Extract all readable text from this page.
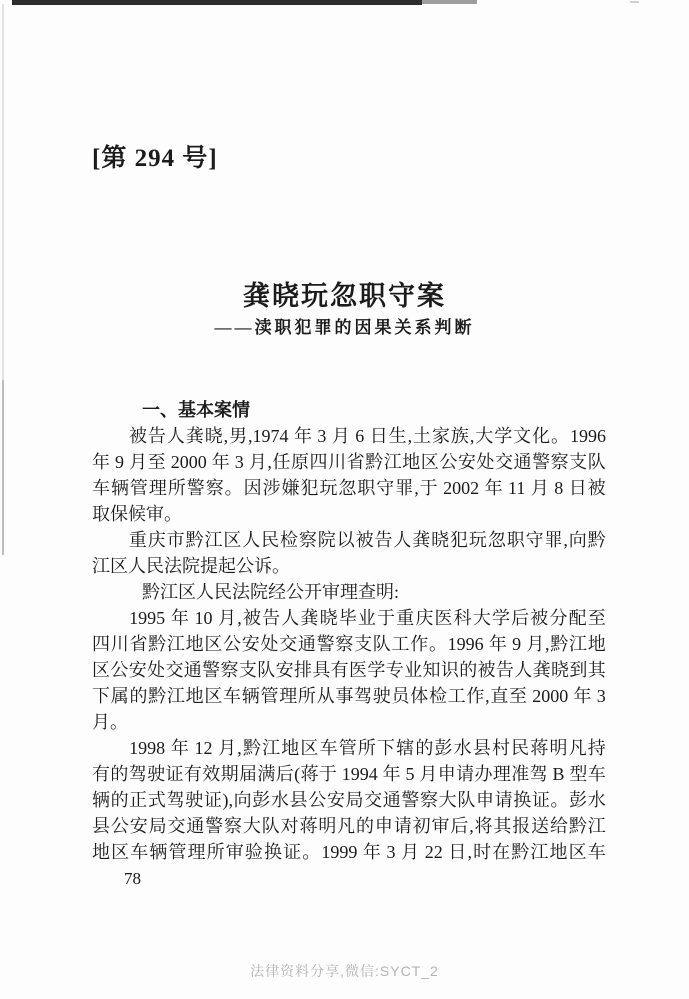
[第 294 号]
龚晓玩忽职守案
——渎职犯罪的因果关系判断
一、基本案情
被 告 人 龚 晓 , 男 ,1974 年 3 月 6 日 生 , 土 家 族 , 大 学 文 化 。 1996
年 9 月 至 2000 年 3 月 , 任 原 四 川 省 黔 江 地 区 公 安 处 交 通 警 察 支 队
车 辆 管 理 所 警 察 。 因 涉 嫌 犯 玩 忽 职 守 罪 , 于 2002 年 11 月 8 日 被
取保候审。
重 庆 市 黔 江 区 人 民 检 察 院 以 被 告 人 龚 晓 犯 玩 忽 职 守 罪 , 向 黔
江区人民法院提起公诉。
黔江区人民法院经公开审理查明:
1995 年 10 月 , 被 告 人 龚 晓 毕 业 于 重 庆 医 科 大 学 后 被 分 配 至
四 川 省 黔 江 地 区 公 安 处 交 通 警 察 支 队 工 作 。 1996 年 9 月 , 黔 江 地
区 公 安 处 交 通 警 察 支 队 安 排 具 有 医 学 专 业 知 识 的 被 告 人 龚 晓 到 其
下 属 的 黔 江 地 区 车 辆 管 理 所 从 事 驾 驶 员 体 检 工 作 , 直 至 2000 年 3
月。
1998 年 12 月 , 黔 江 地 区 车 管 所 下 辖 的 彭 水 县 村 民 蒋 明 凡 持
有 的 驾 驶 证 有 效 期 届 满 后 ( 蒋 于 1994 年 5 月 申 请 办 理 准 驾 B 型 车
辆 的 正 式 驾 驶 证 ), 向 彭 水 县 公 安 局 交 通 警 察 大 队 申 请 换 证 。 彭 水
县 公 安 局 交 通 警 察 大 队 对 蒋 明 凡 的 申 请 初 审 后 , 将 其 报 送 给 黔 江
地 区 车 辆 管 理 所 审 验 换 证 。 1999 年 3 月 22 日 , 时 在 黔 江 地 区 车
78
法律资料分享,微信:SYCT_2
